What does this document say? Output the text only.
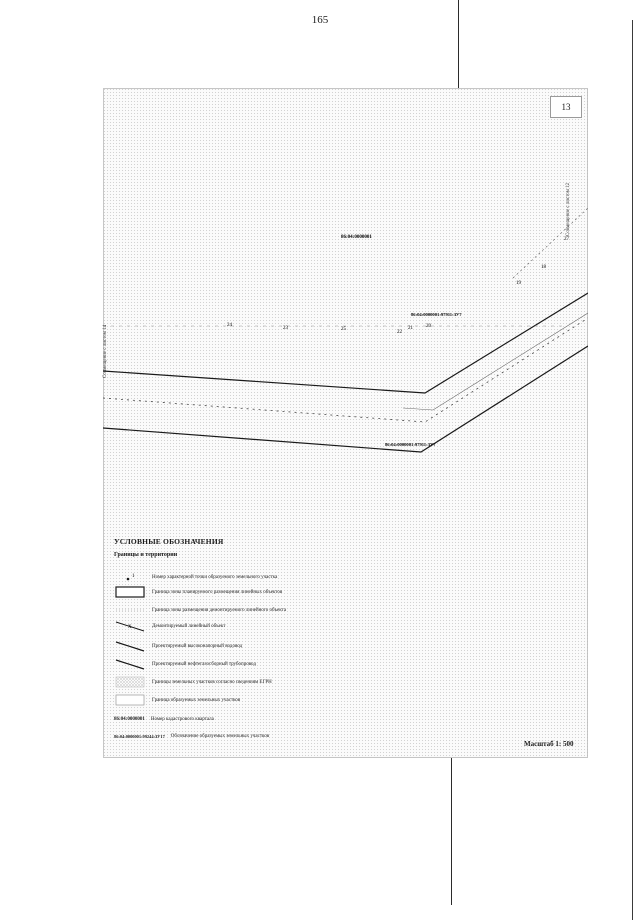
165
86:04:0000001
86:04:0000001:97911:ЗУ7
86:04:0000001:97911:ЗУ7
24
23	25
22
21	20
19
18
27
13
Совмещение с листом 14
Совмещение с листом 12
УСЛОВНЫЕ ОБОЗНАЧЕНИЯ
Границы и территории
1	Номер характерной точки образуемого земельного участка
Граница зоны планируемого размещения линейных объектов
Граница зоны размещения демонтируемого линейного объекта
Х	Демонтируемый линейный объект
Проектируемый высоконапорный водовод
Проектируемый нефтегазосборный трубопровод
Границы земельных участков согласно сведениям ЕГРН
Граница образуемых земельных участков
86:04:0000001 Номер кадастрового квартала
86:04:0000001:99244:ЗУ17 Обозначение образуемых земельных участков
Масштаб 1: 500
